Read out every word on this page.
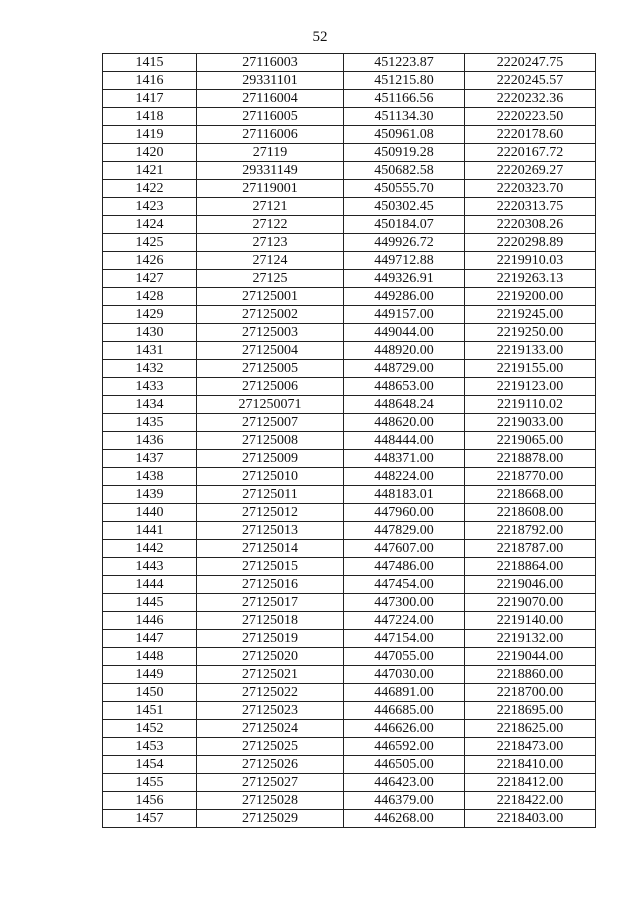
52
1415	27116003	451223.87	2220247.75
1416	29331101	451215.80	2220245.57
1417	27116004	451166.56	2220232.36
1418	27116005	451134.30	2220223.50
1419	27116006	450961.08	2220178.60
1420	27119	450919.28	2220167.72
1421	29331149	450682.58	2220269.27
1422	27119001	450555.70	2220323.70
1423	27121	450302.45	2220313.75
1424	27122	450184.07	2220308.26
1425	27123	449926.72	2220298.89
1426	27124	449712.88	2219910.03
1427	27125	449326.91	2219263.13
1428	27125001	449286.00	2219200.00
1429	27125002	449157.00	2219245.00
1430	27125003	449044.00	2219250.00
1431	27125004	448920.00	2219133.00
1432	27125005	448729.00	2219155.00
1433	27125006	448653.00	2219123.00
1434	271250071	448648.24	2219110.02
1435	27125007	448620.00	2219033.00
1436	27125008	448444.00	2219065.00
1437	27125009	448371.00	2218878.00
1438	27125010	448224.00	2218770.00
1439	27125011	448183.01	2218668.00
1440	27125012	447960.00	2218608.00
1441	27125013	447829.00	2218792.00
1442	27125014	447607.00	2218787.00
1443	27125015	447486.00	2218864.00
1444	27125016	447454.00	2219046.00
1445	27125017	447300.00	2219070.00
1446	27125018	447224.00	2219140.00
1447	27125019	447154.00	2219132.00
1448	27125020	447055.00	2219044.00
1449	27125021	447030.00	2218860.00
1450	27125022	446891.00	2218700.00
1451	27125023	446685.00	2218695.00
1452	27125024	446626.00	2218625.00
1453	27125025	446592.00	2218473.00
1454	27125026	446505.00	2218410.00
1455	27125027	446423.00	2218412.00
1456	27125028	446379.00	2218422.00
1457	27125029	446268.00	2218403.00
